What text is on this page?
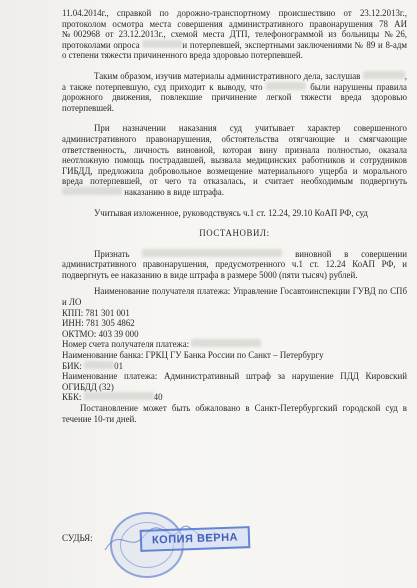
11.04.2014г., справкой по дорожно-транспортному происшествию от 23.12.2013г., протоколом осмотра места совершения административного правонарушения 78 АИ №002968 от 23.12.2013г., схемой места ДТП, телефонограммой из больницы №26, протоколами опроса	и потерпевшей, экспертными заключениями № 89 и 8-адм о степени тяжести причиненного вреда здоровью потерпевшей.

Таким образом, изучив материалы административного дела, заслушав	, а также потерпевшую, суд приходит к выводу, что	были нарушены правила дорожного движения, повлекшие причинение легкой тяжести вреда здоровью потерпевшей.

При назначении наказания суд учитывает характер совершенного административного правонарушения, обстоятельства отягчающие и смягчающие ответственность, личность виновной, которая вину признала полностью, оказала неотложную помощь пострадавшей, вызвала медицинских работников и сотрудников ГИБДД, предложила добровольное возмещение материального ущерба и морального вреда потерпевшей, от чего та отказалась, и считает необходимым подвергнуть  наказанию в виде штрафа.

Учитывая изложенное, руководствуясь ч.1 ст. 12.24, 29.10 КоАП РФ, суд

ПОСТАНОВИЛ:

Признать	виновной в совершении административного правонарушения, предусмотренного ч.1 ст. 12.24 КоАП РФ, и подвергнуть ее наказанию в виде штрафа в размере 5000 (пяти тысяч) рублей.

Наименование получателя платежа: Управление Госавтоинспекции ГУВД по СПб и ЛО

КПП: 781 301 001

ИНН: 781 305 4862

ОКТМО: 403 39 000

Номер счета получателя платежа:

Наименование банка: ГРКЦ ГУ Банка России по Санкт – Петербургу

БИК:	01

Наименование платежа: Административный штраф за нарушение ПДД Кировский ОГИБДД (32)

КБК:	40

Постановление может быть обжаловано в Санкт-Петербургский городской суд в течение 10-ти дней.

КОПИЯ ВЕРНА
СУДЬЯ:
